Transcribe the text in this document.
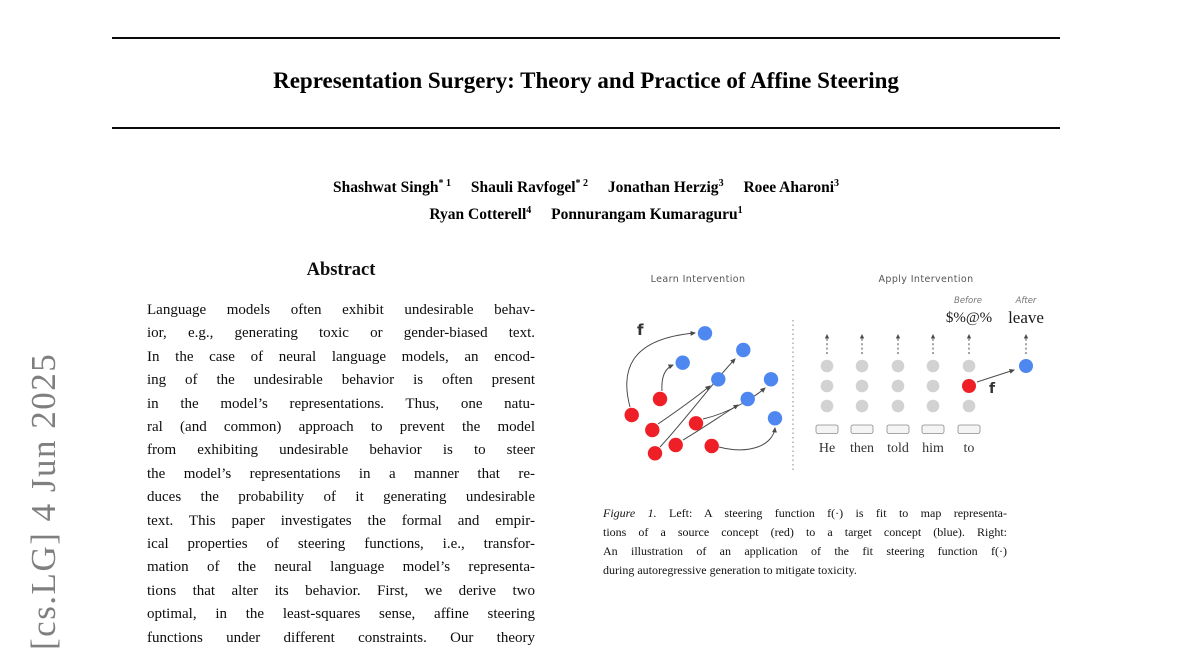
Representation Surgery: Theory and Practice of Affine Steering
Shashwat Singh$^{* 1}$ Shauli Ravfogel$^{* 2}$ Jonathan Herzig$^3$ Roee Aharoni$^3$
Ryan Cotterell$^4$ Ponnurangam Kumaraguru$^1$
[cs.LG] 4 Jun 2025
Abstract
Language models often exhibit undesirable behav-
ior, e.g., generating toxic or gender-biased text.
In the case of neural language models, an encod-
ing of the undesirable behavior is often present
in the model’s representations. Thus, one natu-
ral (and common) approach to prevent the model
from exhibiting undesirable behavior is to steer
the model’s representations in a manner that re-
duces the probability of it generating undesirable
text. This paper investigates the formal and empir-
ical properties of steering functions, i.e., transfor-
mation of the neural language model’s representa-
tions that alter its behavior. First, we derive two
optimal, in the least-squares sense, affine steering
functions under different constraints. Our theory
Learn Intervention	Apply Intervention
f
Before
$%@%
After
leave
f
He then told him to
Figure 1. Left: A steering function f(·) is fit to map representa-
tions of a source concept (red) to a target concept (blue). Right:
An illustration of an application of the fit steering function f(·)
during autoregressive generation to mitigate toxicity.
